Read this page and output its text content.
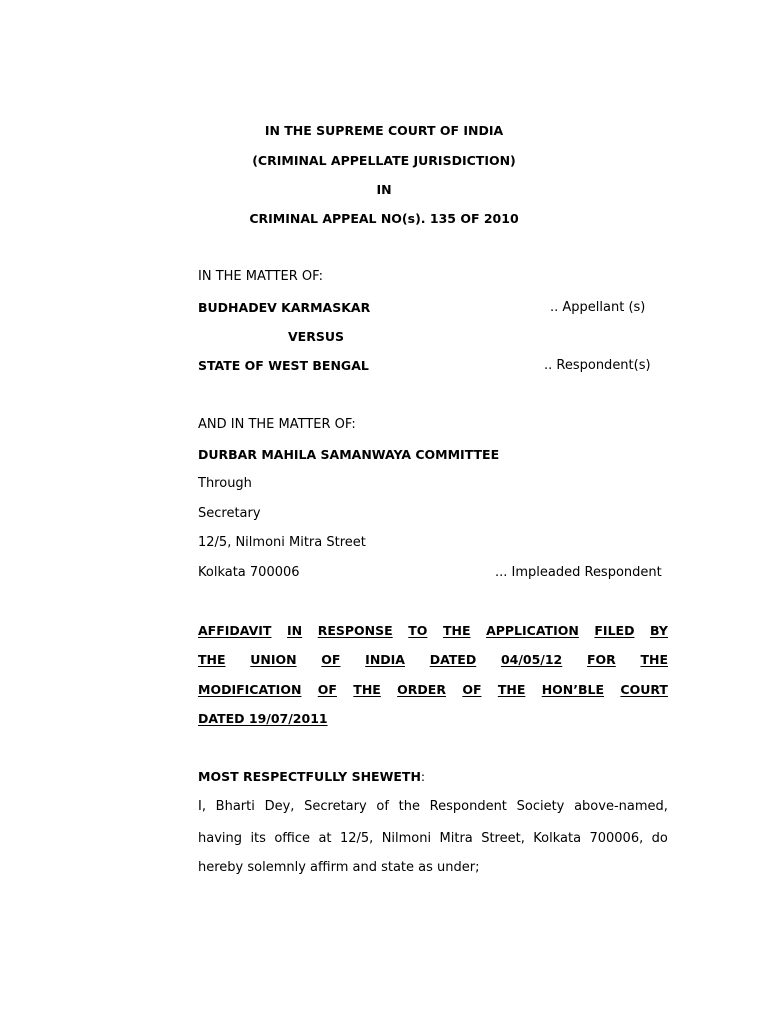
IN THE SUPREME COURT OF INDIA
(CRIMINAL APPELLATE JURISDICTION)
IN
CRIMINAL APPEAL NO(s). 135 OF 2010
IN THE MATTER OF:
BUDHADEV KARMASKAR	.. Appellant (s)
VERSUS
STATE OF WEST BENGAL	.. Respondent(s)
AND IN THE MATTER OF:
DURBAR MAHILA SAMANWAYA COMMITTEE
Through
Secretary
12/5, Nilmoni Mitra Street
Kolkata 700006	... Impleaded Respondent
AFFIDAVIT IN RESPONSE TO THE APPLICATION FILED BY
THE UNION OF INDIA DATED 04/05/12 FOR THE
MODIFICATION OF THE ORDER OF THE HON’BLE COURT
DATED 19/07/2011
MOST RESPECTFULLY SHEWETH:
I, Bharti Dey, Secretary of the Respondent Society above-named,
having its office at 12/5, Nilmoni Mitra Street, Kolkata 700006, do
hereby solemnly affirm and state as under;
